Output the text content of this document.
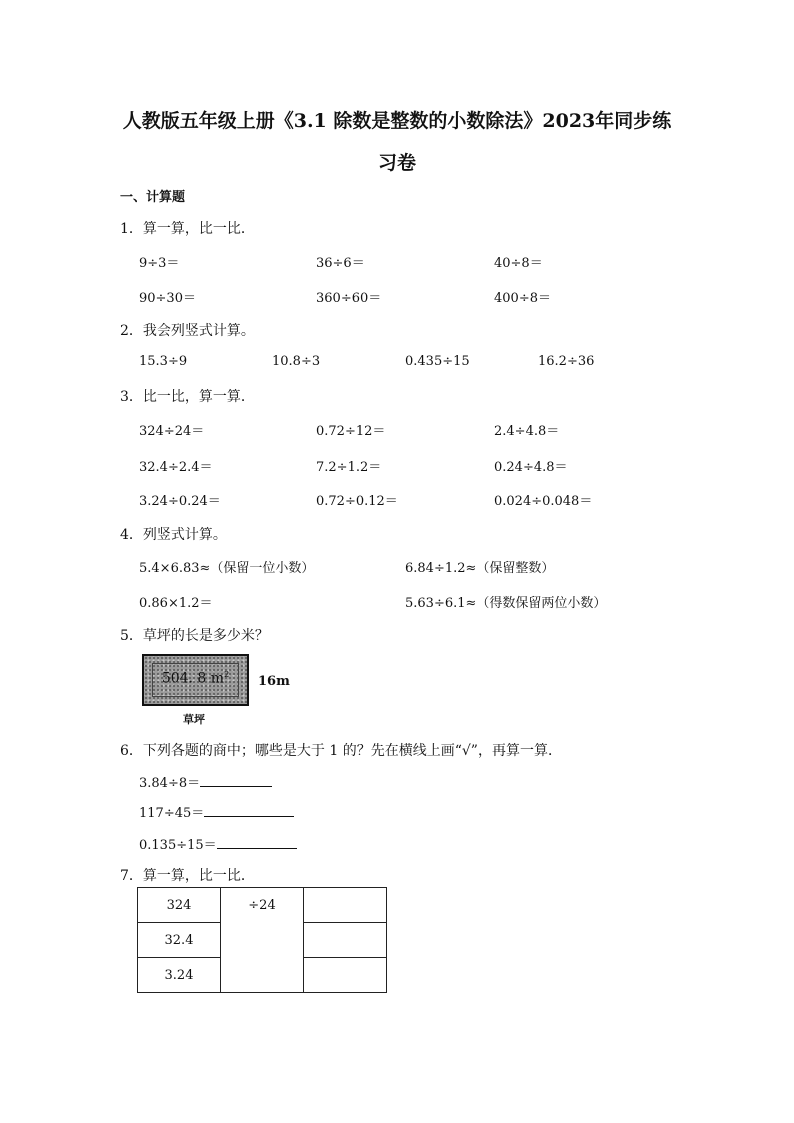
人教版五年级上册《3.1 除数是整数的小数除法》2023年同步练
习卷
一、计算题
1．算一算，比一比．
9÷3＝	36÷6＝	40÷8＝
90÷30＝	360÷60＝	400÷8＝
2．我会列竖式计算。
15.3÷9	10.8÷3	0.435÷15	16.2÷36
3．比一比，算一算．
324÷24＝	0.72÷12＝	2.4÷4.8＝
32.4÷2.4＝	7.2÷1.2＝	0.24÷4.8＝
3.24÷0.24＝	0.72÷0.12＝	0.024÷0.048＝
4．列竖式计算。
5.4×6.83≈（保留一位小数）	6.84÷1.2≈（保留整数）
0.86×1.2＝	5.63÷6.1≈（得数保留两位小数）
5．草坪的长是多少米？
504. 8 $m^2$	16m
草坪
6．下列各题的商中；哪些是大于 1 的？先在横线上画“√”，再算一算．
3.84÷8＝
117÷45＝
0.135÷15＝
7．算一算，比一比．
324	÷24	
32.4		
3.24		
